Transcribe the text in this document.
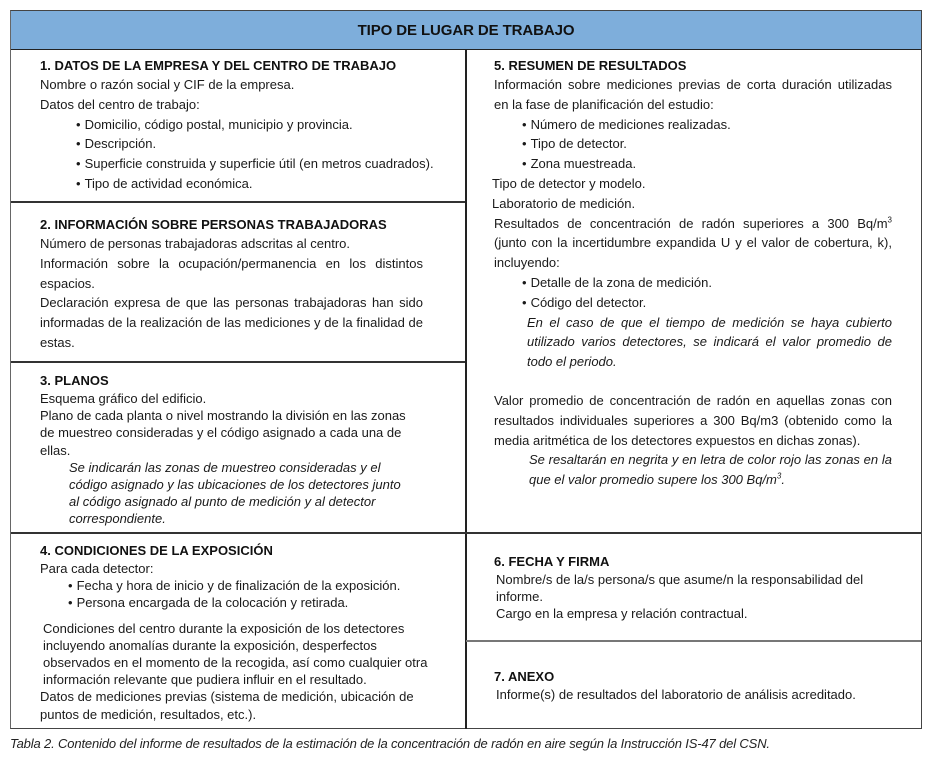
TIPO DE LUGAR DE TRABAJO
1. DATOS DE LA EMPRESA Y DEL CENTRO DE TRABAJO
Nombre o razón social y CIF de la empresa.
Datos del centro de trabajo:
• Domicilio, código postal, municipio y provincia.
• Descripción.
• Superficie construida y superficie útil (en metros cuadrados).
• Tipo de actividad económica.
2. INFORMACIÓN SOBRE PERSONAS TRABAJADORAS
Número de personas trabajadoras adscritas al centro.
Información sobre la ocupación/permanencia en los distintos espacios.
Declaración expresa de que las personas trabajadoras han sido informadas de la realización de las mediciones y de la finalidad de estas.
3. PLANOS
Esquema gráfico del edificio.
Plano de cada planta o nivel mostrando la división en las zonas de muestreo consideradas y el código asignado a cada una de ellas.
Se indicarán las zonas de muestreo consideradas y el código asignado y las ubicaciones de los detectores junto al código asignado al punto de medición y al detector correspondiente.
4. CONDICIONES DE LA EXPOSICIÓN
Para cada detector:
• Fecha y hora de inicio y de finalización de la exposición.
• Persona encargada de la colocación y retirada.
Condiciones del centro durante la exposición de los detectores incluyendo anomalías durante la exposición, desperfectos observados en el momento de la recogida, así como cualquier otra información relevante que pudiera influir en el resultado.
Datos de mediciones previas (sistema de medición, ubicación de puntos de medición, resultados, etc.).
5. RESUMEN DE RESULTADOS
Información sobre mediciones previas de corta duración utilizadas en la fase de planificación del estudio:
• Número de mediciones realizadas.
• Tipo de detector.
• Zona muestreada.
Tipo de detector y modelo.
Laboratorio de medición.
Resultados de concentración de radón superiores a 300 $Bq/m^3$
(junto con la incertidumbre expandida U y el valor de cobertura, k), incluyendo:
• Detalle de la zona de medición.
• Código del detector.
En el caso de que el tiempo de medición se haya cubierto utilizado varios detectores, se indicará el valor promedio de todo el periodo.
Valor promedio de concentración de radón en aquellas zonas con resultados individuales superiores a 300 Bq/m3 (obtenido como la media aritmética de los detectores expuestos en dichas zonas).
Se resaltarán en negrita y en letra de color rojo las zonas en la que el valor promedio supere los 300 $Bq/m^3$.
6. FECHA Y FIRMA
Nombre/s de la/s persona/s que asume/n la responsabilidad del informe.
Cargo en la empresa y relación contractual.
7. ANEXO
Informe(s) de resultados del laboratorio de análisis acreditado.
Tabla 2. Contenido del informe de resultados de la estimación de la concentración de radón en aire según la Instrucción IS-47 del CSN.
